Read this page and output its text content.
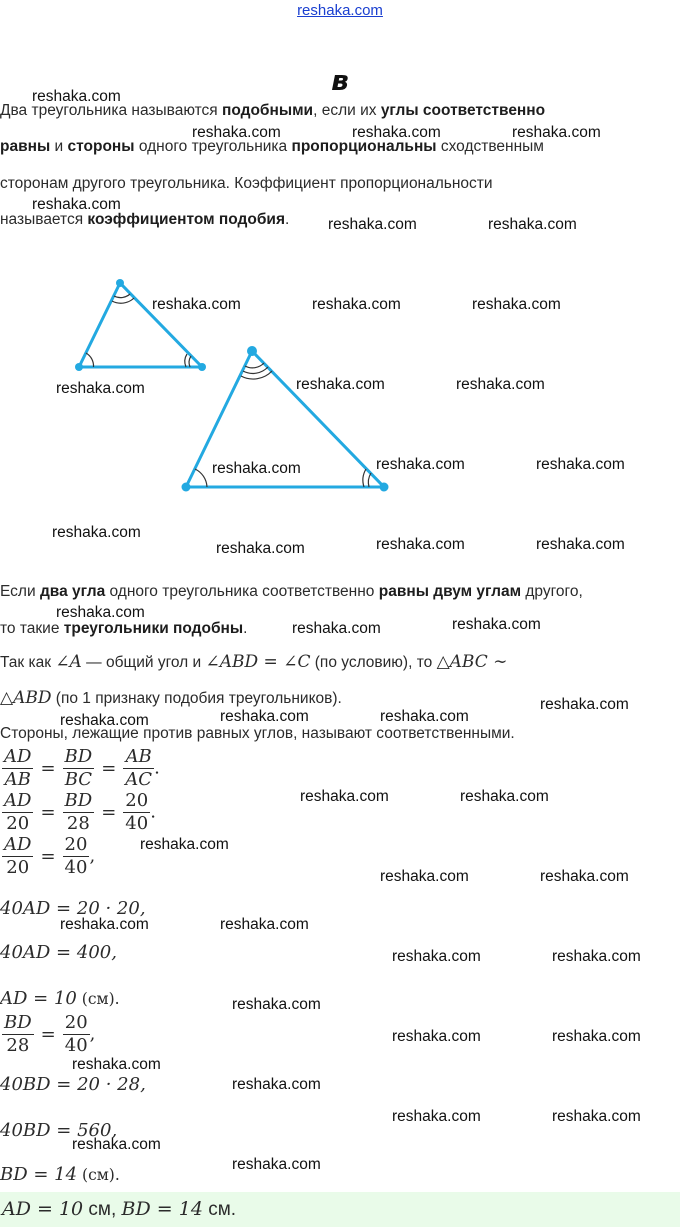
reshaka.com
в
Два треугольника называются подобными, если их углы соответственно
равны и стороны одного треугольника пропорциональны сходственным
сторонам другого треугольника. Коэффициент пропорциональности
называется коэффициентом подобия.
Если два угла одного треугольника соответственно равны двум углам другого,
то такие треугольники подобны.
Так как ∠A — общий угол и ∠ABD = ∠C (по условию), то △ABC ∼
△ABD (по 1 признаку подобия треугольников).
Стороны, лежащие против равных углов, называют соответственными.
$\frac{AD}{AB} = \frac{BD}{BC} = \frac{AB}{AC}$ .
$\frac{AD}{20} = \frac{BD}{28} = \frac{20}{40}$ .
$\frac{AD}{20} = \frac{20}{40}$ ,
40AD = 20 · 20,
40AD = 400,
AD = 10 (см).
$\frac{BD}{28} = \frac{20}{40}$ ,
40BD = 20 · 28,
40BD = 560,
BD = 14 (см).
AD = 10 см, BD = 14 см.
reshaka.com
reshaka.com	reshaka.com	reshaka.com
reshaka.com
reshaka.com	reshaka.com
reshaka.com	reshaka.com	reshaka.com
reshaka.com	reshaka.com	reshaka.com
reshaka.com	reshaka.com	reshaka.com
reshaka.com
reshaka.com	reshaka.com	reshaka.com
reshaka.com
reshaka.com	reshaka.com
reshaka.com
reshaka.com	reshaka.com	reshaka.com
reshaka.com	reshaka.com
reshaka.com
reshaka.com	reshaka.com
reshaka.com	reshaka.com
reshaka.com	reshaka.com
reshaka.com
reshaka.com	reshaka.com
reshaka.com
reshaka.com
reshaka.com	reshaka.com
reshaka.com
reshaka.com
